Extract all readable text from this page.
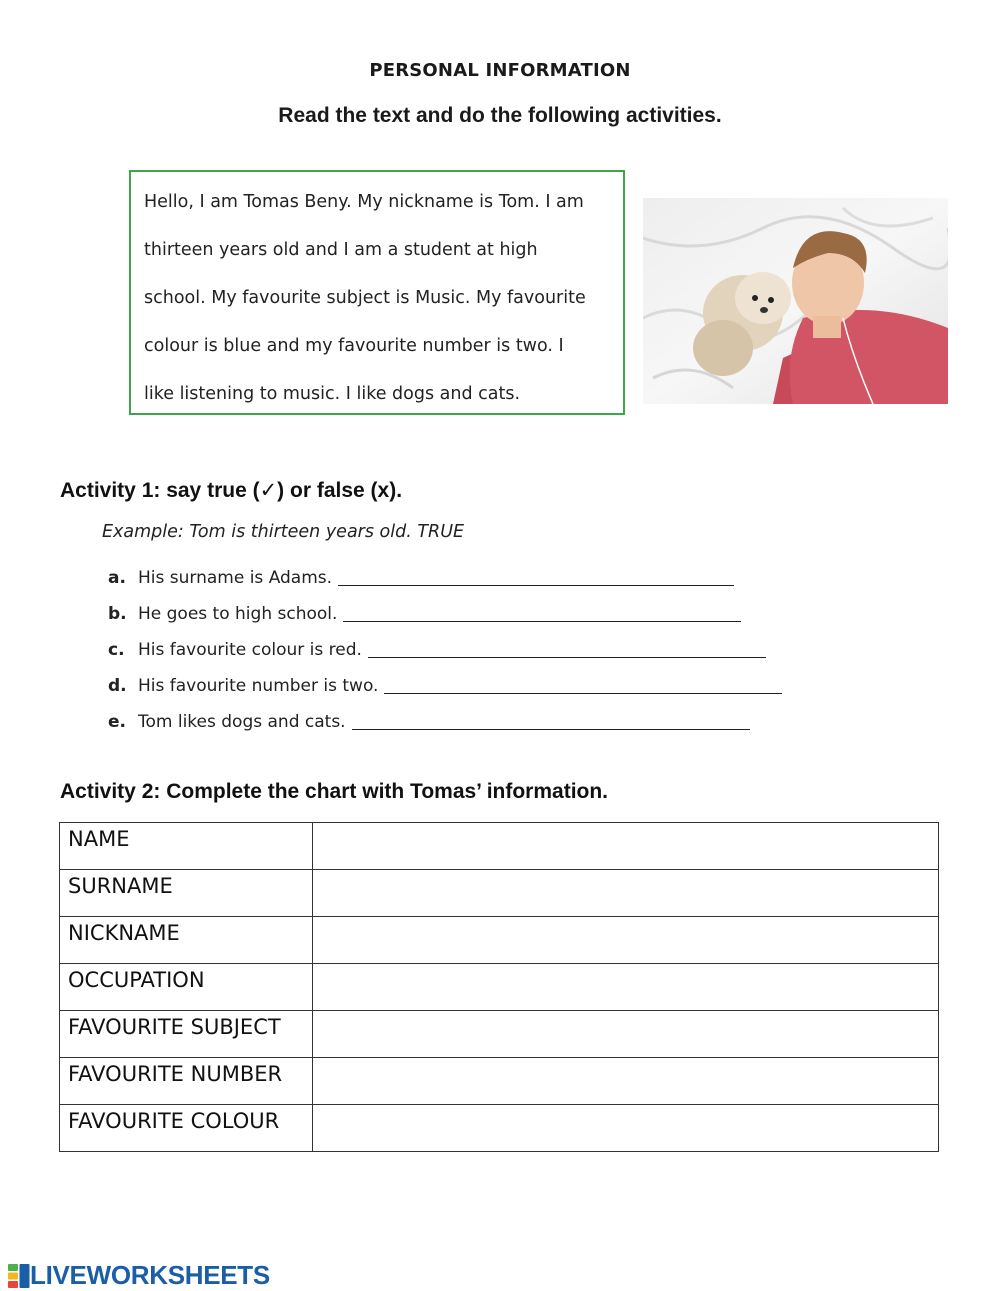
PERSONAL INFORMATION
Read the text and do the following activities.

Hello, I am Tomas Beny. My nickname is Tom. I am

thirteen years old and I am a student at high

school. My favourite subject is Music. My favourite

colour is blue and my favourite number is two. I

like listening to music. I like dogs and cats.

Activity 1: say true (✓) or false (x).
Example: Tom is thirteen years old. TRUE
a. His surname is Adams.
b. He goes to high school.
c. His favourite colour is red.
d. His favourite number is two.
e. Tom likes dogs and cats.
Activity 2: Complete the chart with Tomas’ information.
NAME	
SURNAME	
NICKNAME	
OCCUPATION	
FAVOURITE SUBJECT	
FAVOURITE NUMBER	
FAVOURITE COLOUR	
LIVEWORKSHEETS
